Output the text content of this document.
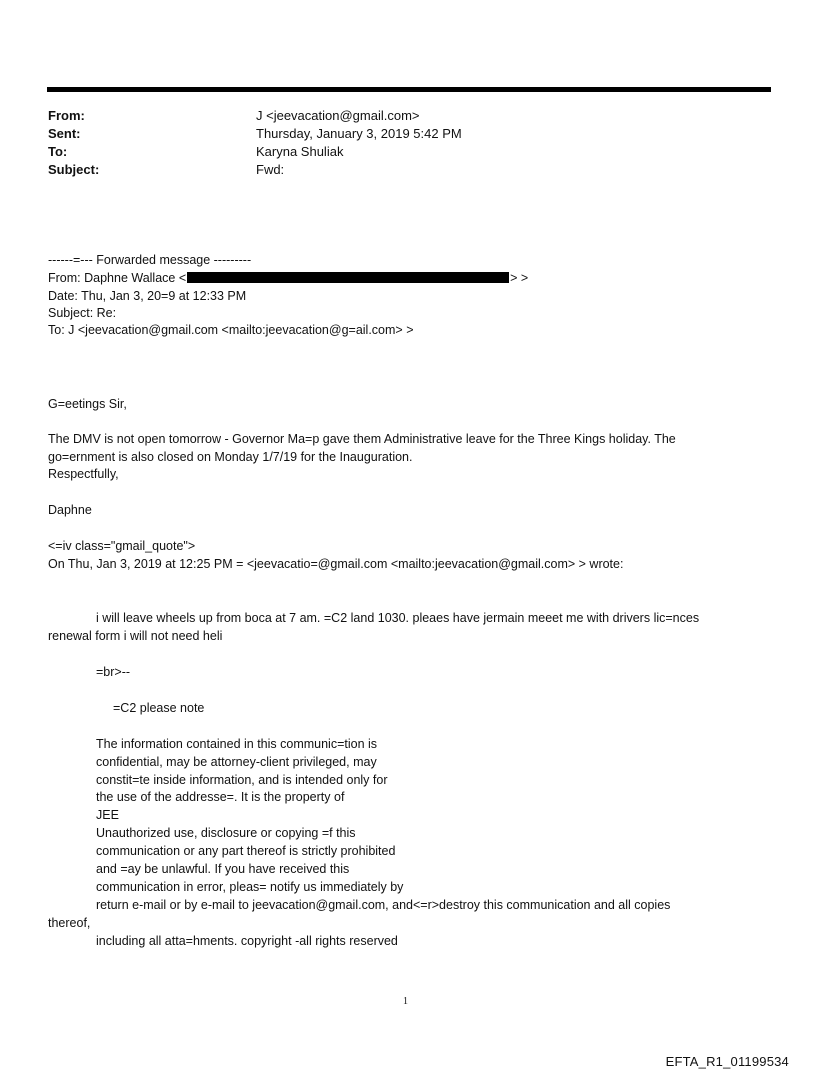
From:	J <jeevacation@gmail.com>
Sent:	Thursday, January 3, 2019 5:42 PM
To:	Karyna Shuliak
Subject:	Fwd:
------=--- Forwarded message ---------
From: Daphne Wallace <	> >
Date: Thu, Jan 3, 20=9 at 12:33 PM
Subject: Re:
To: J <jeevacation@gmail.com <mailto:jeevacation@g=ail.com> >
G=eetings Sir,
The DMV is not open tomorrow - Governor Ma=p gave them Administrative leave for the Three Kings holiday. The
go=ernment is also closed on Monday 1/7/19 for the Inauguration.
Respectfully,
Daphne
<=iv class="gmail_quote">
On Thu, Jan 3, 2019 at 12:25 PM = <jeevacatio=@gmail.com <mailto:jeevacation@gmail.com> > wrote:
i will leave wheels up from boca at 7 am. =C2 land 1030. pleaes have jermain meeet me with drivers lic=nces
renewal form i will not need heli
=br>--
=C2 please note
The information contained in this communic=tion is
confidential, may be attorney-client privileged, may
constit=te inside information, and is intended only for
the use of the addresse=. It is the property of
JEE
Unauthorized use, disclosure or copying =f this
communication or any part thereof is strictly prohibited
and =ay be unlawful. If you have received this
communication in error, pleas= notify us immediately by
return e-mail or by e-mail to jeevacation@gmail.com, and<=r>destroy this communication and all copies
thereof,
including all atta=hments. copyright -all rights reserved
1
EFTA_R1_01199534
